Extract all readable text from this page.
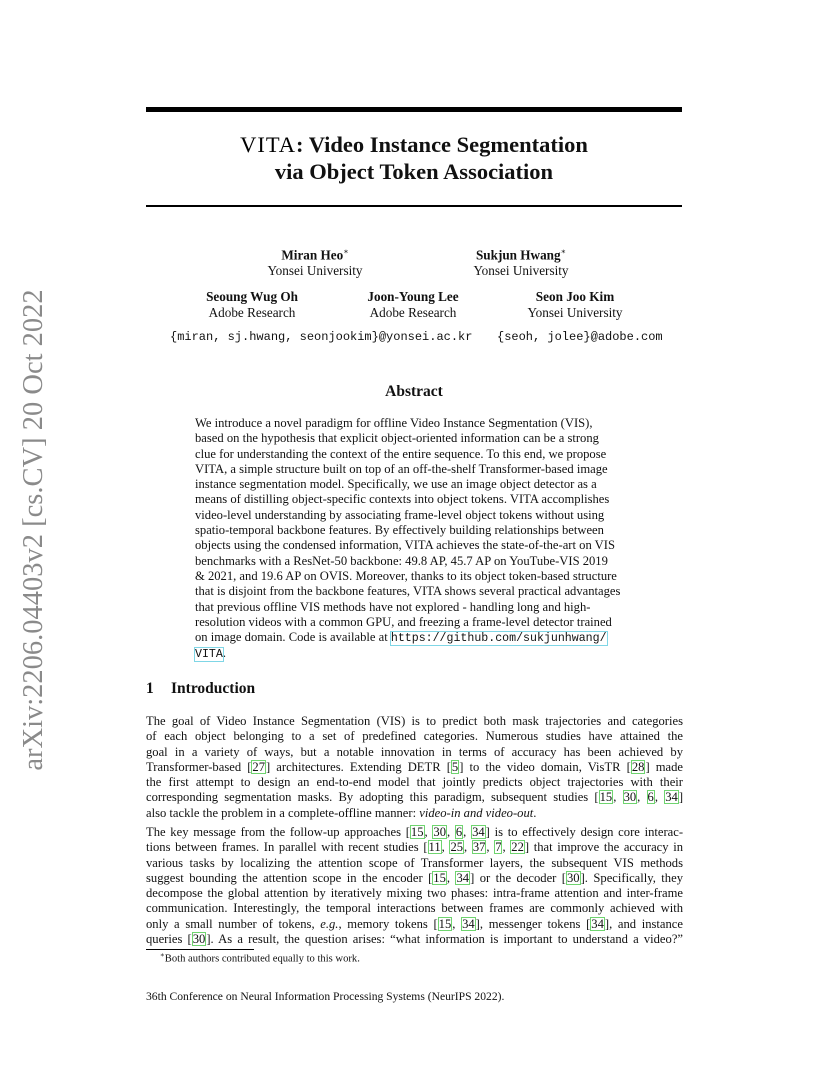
arXiv:2206.04403v2 [cs.CV] 20 Oct 2022
VITA: Video Instance Segmentation
via Object Token Association
Miran Heo∗
Yonsei University
Sukjun Hwang∗
Yonsei University
Seoung Wug Oh
Adobe Research
Joon-Young Lee
Adobe Research
Seon Joo Kim
Yonsei University
{miran, sj.hwang, seonjookim}@yonsei.ac.kr {seoh, jolee}@adobe.com
Abstract
We introduce a novel paradigm for offline Video Instance Segmentation (VIS),
based on the hypothesis that explicit object-oriented information can be a strong
clue for understanding the context of the entire sequence. To this end, we propose
VITA, a simple structure built on top of an off-the-shelf Transformer-based image
instance segmentation model. Specifically, we use an image object detector as a
means of distilling object-specific contexts into object tokens. VITA accomplishes
video-level understanding by associating frame-level object tokens without using
spatio-temporal backbone features. By effectively building relationships between
objects using the condensed information, VITA achieves the state-of-the-art on VIS
benchmarks with a ResNet-50 backbone: 49.8 AP, 45.7 AP on YouTube-VIS 2019
& 2021, and 19.6 AP on OVIS. Moreover, thanks to its object token-based structure
that is disjoint from the backbone features, VITA shows several practical advantages
that previous offline VIS methods have not explored - handling long and high-
resolution videos with a common GPU, and freezing a frame-level detector trained
on image domain. Code is available at https://github.com/sukjunhwang/
VITA.
1 Introduction
The goal of Video Instance Segmentation (VIS) is to predict both mask trajectories and categories
of each object belonging to a set of predefined categories. Numerous studies have attained the
goal in a variety of ways, but a notable innovation in terms of accuracy has been achieved by
Transformer-based [27] architectures. Extending DETR [5] to the video domain, VisTR [28] made
the first attempt to design an end-to-end model that jointly predicts object trajectories with their
corresponding segmentation masks. By adopting this paradigm, subsequent studies [15, 30, 6, 34]
also tackle the problem in a complete-offline manner: video-in and video-out.
The key message from the follow-up approaches [15, 30, 6, 34] is to effectively design core interac-
tions between frames. In parallel with recent studies [11, 25, 37, 7, 22] that improve the accuracy in
various tasks by localizing the attention scope of Transformer layers, the subsequent VIS methods
suggest bounding the attention scope in the encoder [15, 34] or the decoder [30]. Specifically, they
decompose the global attention by iteratively mixing two phases: intra-frame attention and inter-frame
communication. Interestingly, the temporal interactions between frames are commonly achieved with
only a small number of tokens, e.g., memory tokens [15, 34], messenger tokens [34], and instance
queries [30]. As a result, the question arises: “what information is important to understand a video?”
∗Both authors contributed equally to this work.
36th Conference on Neural Information Processing Systems (NeurIPS 2022).
